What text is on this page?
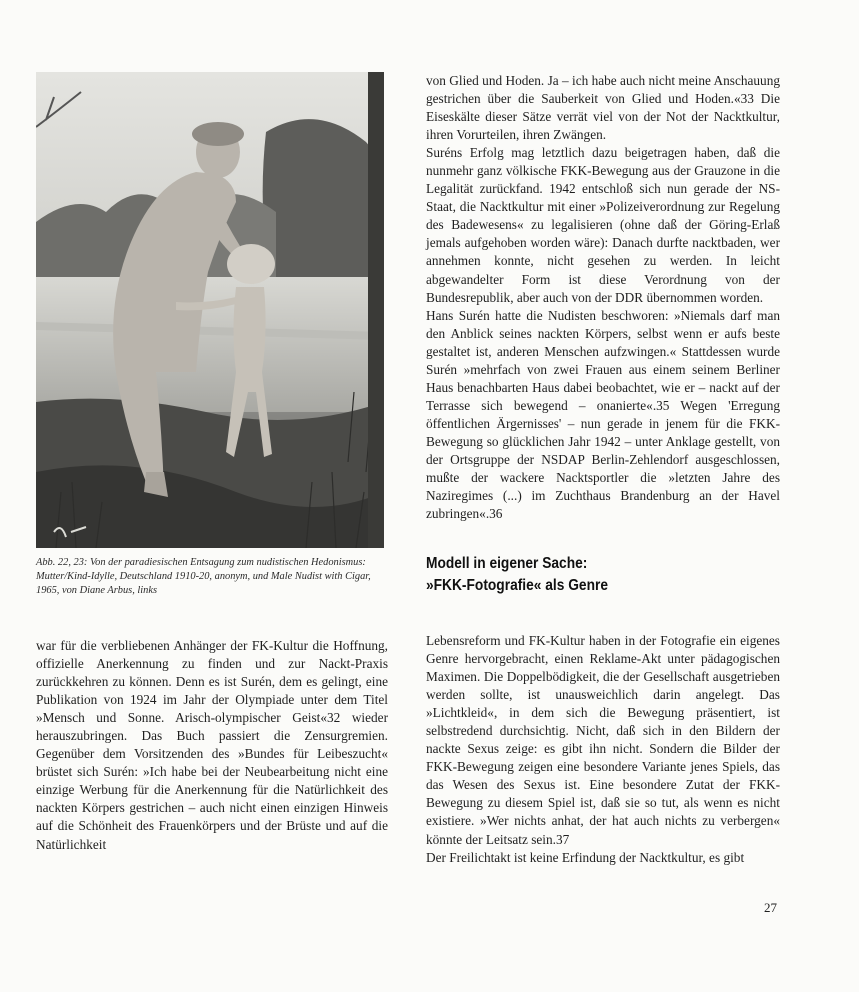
Abb. 22, 23: Von der paradiesischen Entsagung zum nudistischen Hedonismus: Mutter/Kind-Idylle, Deutschland 1910-20, anonym, und Male Nudist with Cigar, 1965, von Diane Arbus, links

von Glied und Hoden. Ja – ich habe auch nicht meine Anschauung gestrichen über die Sauberkeit von Glied und Hoden.«33 Die Eiseskälte dieser Sätze verrät viel von der Not der Nacktkultur, ihren Vorurteilen, ihren Zwängen.

Suréns Erfolg mag letztlich dazu beigetragen haben, daß die nunmehr ganz völkische FKK-Bewegung aus der Grauzone in die Legalität zurückfand. 1942 entschloß sich nun gerade der NS-Staat, die Nacktkultur mit einer »Polizeiverordnung zur Regelung des Badewesens« zu legalisieren (ohne daß der Göring-Erlaß jemals aufgehoben worden wäre): Danach durfte nacktbaden, wer annehmen konnte, nicht gesehen zu werden. In leicht abgewandelter Form ist diese Verordnung von der Bundesrepublik, aber auch von der DDR übernommen worden.

Hans Surén hatte die Nudisten beschworen: »Niemals darf man den Anblick seines nackten Körpers, selbst wenn er aufs beste gestaltet ist, anderen Menschen aufzwingen.« Stattdessen wurde Surén »mehrfach von zwei Frauen aus einem seinem Berliner Haus benachbarten Haus dabei beobachtet, wie er – nackt auf der Terrasse sich bewegend – onanierte«.35 Wegen 'Erregung öffentlichen Ärgernisses' – nun gerade in jenem für die FKK-Bewegung so glücklichen Jahr 1942 – unter Anklage gestellt, von der Ortsgruppe der NSDAP Berlin-Zehlendorf ausgeschlossen, mußte der wackere Nacktsportler die »letzten Jahre des Naziregimes (...) im Zuchthaus Brandenburg an der Havel zubringen«.36

Modell in eigener Sache:
»FKK-Fotografie« als Genre

war für die verbliebenen Anhänger der FK-Kultur die Hoffnung, offizielle Anerkennung zu finden und zur Nackt-Praxis zurückkehren zu können. Denn es ist Surén, dem es gelingt, eine Publikation von 1924 im Jahr der Olympiade unter dem Titel »Mensch und Sonne. Arisch-olympischer Geist«32 wieder herauszubringen. Das Buch passiert die Zensurgremien. Gegenüber dem Vorsitzenden des »Bundes für Leibeszucht« brüstet sich Surén: »Ich habe bei der Neubearbeitung nicht eine einzige Werbung für die Anerkennung für die Natürlichkeit des nackten Körpers gestrichen – auch nicht einen einzigen Hinweis auf die Schönheit des Frauenkörpers und der Brüste und auf die Natürlichkeit

Lebensreform und FK-Kultur haben in der Fotografie ein eigenes Genre hervorgebracht, einen Reklame-Akt unter pädagogischen Maximen. Die Doppelbödigkeit, die der Gesellschaft ausgetrieben werden sollte, ist unausweichlich darin angelegt. Das »Lichtkleid«, in dem sich die Bewegung präsentiert, ist selbstredend durchsichtig. Nicht, daß sich in den Bildern der nackte Sexus zeige: es gibt ihn nicht. Sondern die Bilder der FKK-Bewegung zeigen eine besondere Variante jenes Spiels, das das Wesen des Sexus ist. Eine besondere Zutat der FKK-Bewegung zu diesem Spiel ist, daß sie so tut, als wenn es nicht existiere. »Wer nichts anhat, der hat auch nichts zu verbergen« könnte der Leitsatz sein.37

Der Freilichtakt ist keine Erfindung der Nacktkultur, es gibt

27
